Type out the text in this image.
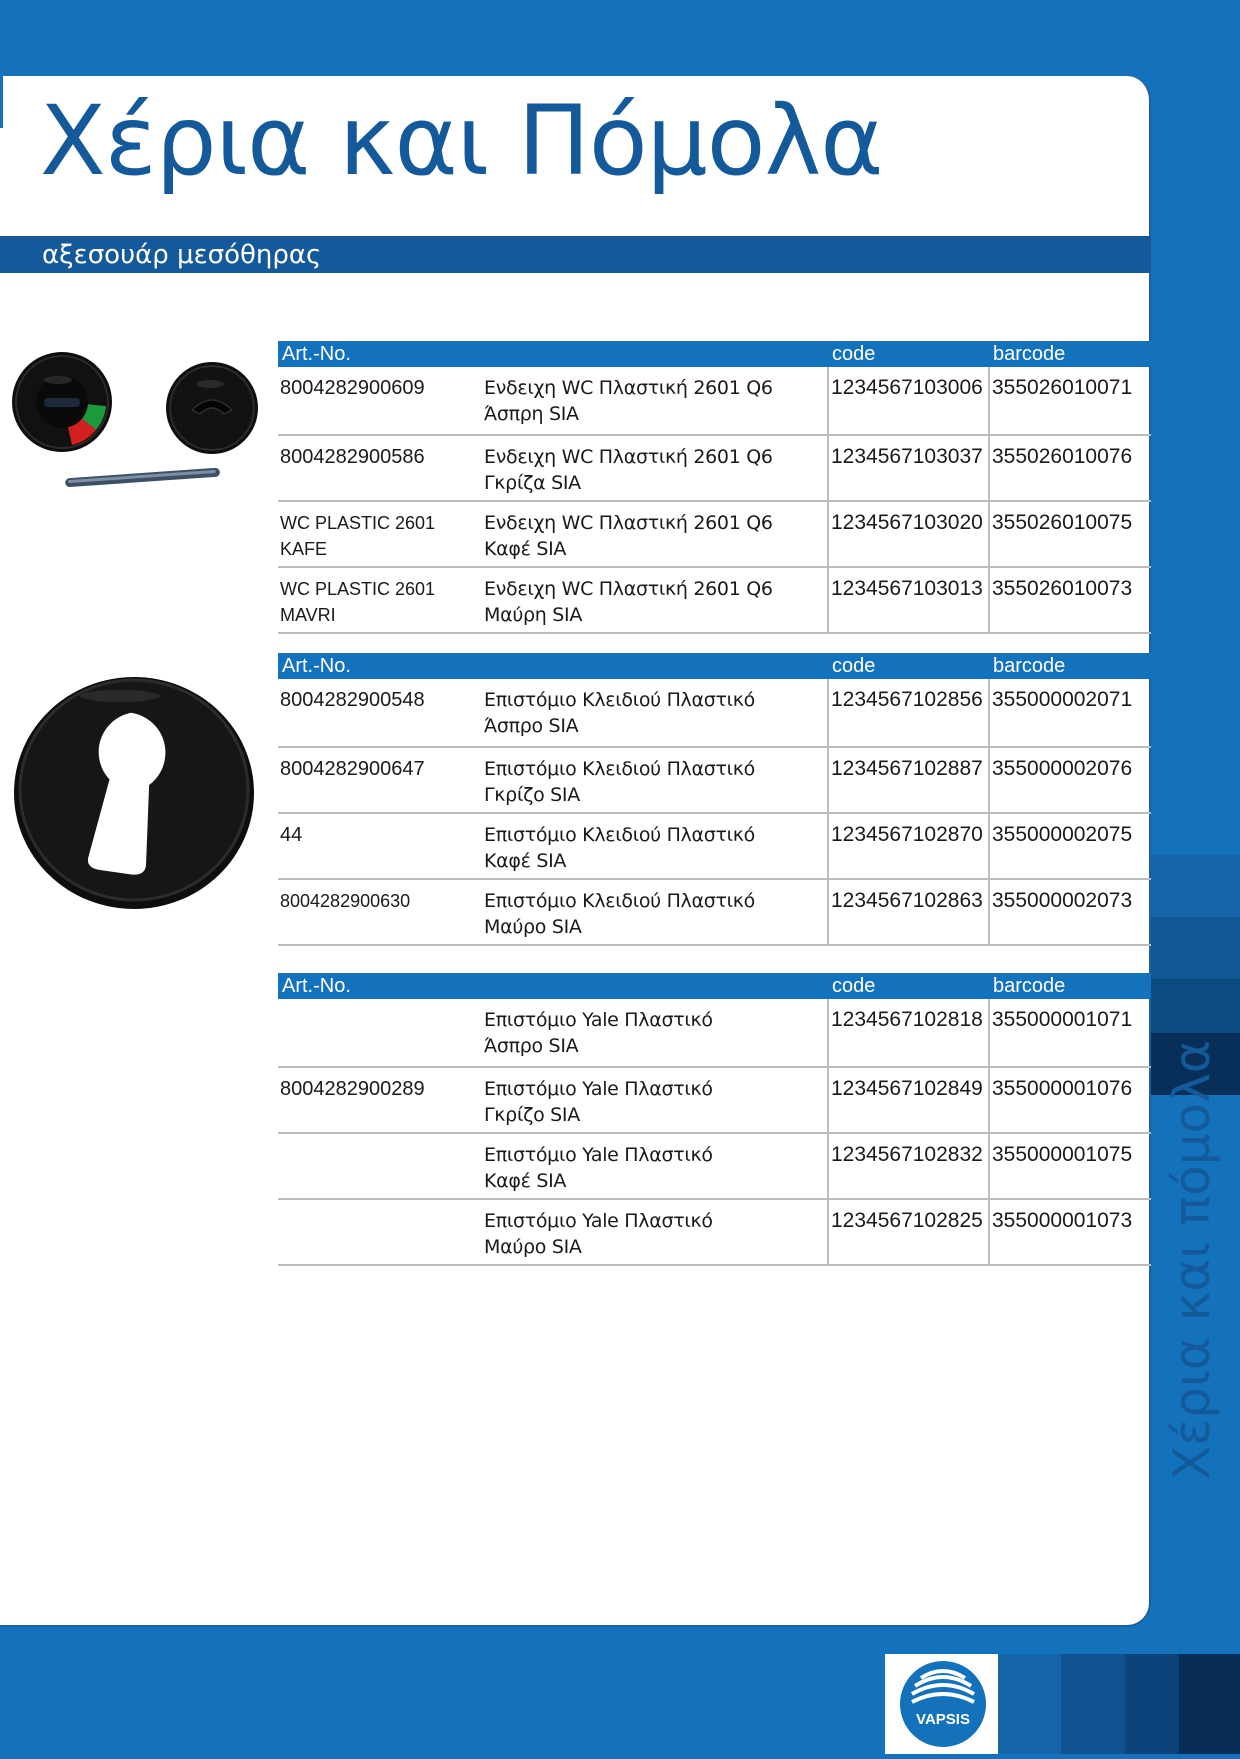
Χέρια και Πόμολα
αξεσουάρ μεσόθηρας
Χέρια και πόμολα
Art.-No.		code	barcode
8004282900609	Ενδειχη WC Πλαστική 2601 Q6
Άσπρη SIA	1234567103006	355026010071
8004282900586	Ενδειχη WC Πλαστική 2601 Q6
Γκρίζα SIA	1234567103037	355026010076
WC PLASTIC 2601 KAFE	Ενδειχη WC Πλαστική 2601 Q6
Καφέ SIA	1234567103020	355026010075
WC PLASTIC 2601 MAVRI	Ενδειχη WC Πλαστική 2601 Q6
Μαύρη SIA	1234567103013	355026010073
Art.-No.		code	barcode
8004282900548	Επιστόμιο Κλειδιού Πλαστικό
Άσπρο SIA	1234567102856	355000002071
8004282900647	Επιστόμιο Κλειδιού Πλαστικό
Γκρίζο SIA	1234567102887	355000002076
44	Επιστόμιο Κλειδιού Πλαστικό
Καφέ SIA	1234567102870	355000002075
8004282900630	Επιστόμιο Κλειδιού Πλαστικό
Μαύρο SIA	1234567102863	355000002073
Art.-No.		code	barcode
	Επιστόμιο Yale Πλαστικό
Άσπρο SIA	1234567102818	355000001071
8004282900289	Επιστόμιο Yale Πλαστικό
Γκρίζο SIA	1234567102849	355000001076
	Επιστόμιο Yale Πλαστικό
Καφέ SIA	1234567102832	355000001075
	Επιστόμιο Yale Πλαστικό
Μαύρο SIA	1234567102825	355000001073
VAPSIS
